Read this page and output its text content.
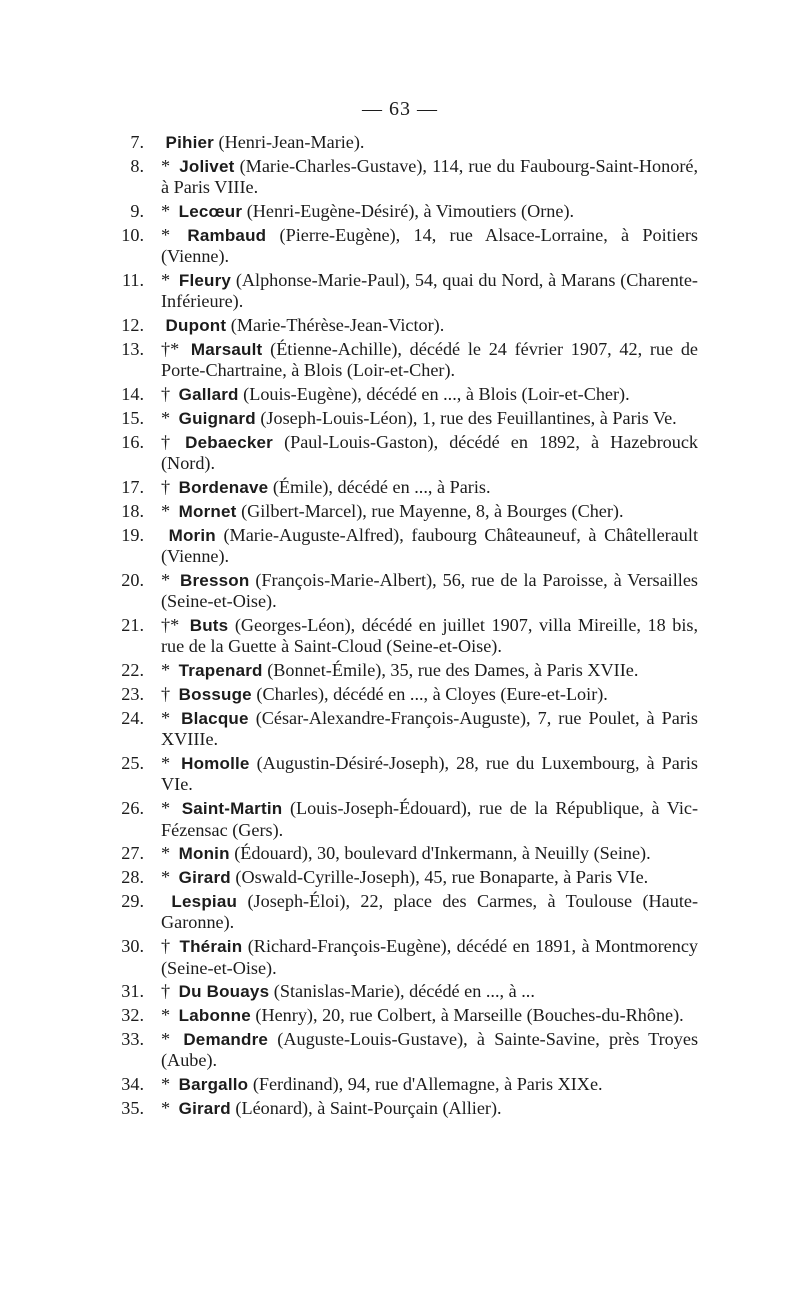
— 63 —
7. Pihier (Henri-Jean-Marie).
8. * Jolivet (Marie-Charles-Gustave), 114, rue du Faubourg-Saint-Honoré, à Paris VIIIe.
9. * Lecœur (Henri-Eugène-Désiré), à Vimoutiers (Orne).
10. * Rambaud (Pierre-Eugène), 14, rue Alsace-Lorraine, à Poitiers (Vienne).
11. * Fleury (Alphonse-Marie-Paul), 54, quai du Nord, à Marans (Charente-Inférieure).
12. Dupont (Marie-Thérèse-Jean-Victor).
13. †* Marsault (Étienne-Achille), décédé le 24 février 1907, 42, rue de Porte-Chartraine, à Blois (Loir-et-Cher).
14. † Gallard (Louis-Eugène), décédé en ..., à Blois (Loir-et-Cher).
15. * Guignard (Joseph-Louis-Léon), 1, rue des Feuillantines, à Paris Ve.
16. † Debaecker (Paul-Louis-Gaston), décédé en 1892, à Hazebrouck (Nord).
17. † Bordenave (Émile), décédé en ..., à Paris.
18. * Mornet (Gilbert-Marcel), rue Mayenne, 8, à Bourges (Cher).
19. Morin (Marie-Auguste-Alfred), faubourg Châteauneuf, à Châtellerault (Vienne).
20. * Bresson (François-Marie-Albert), 56, rue de la Paroisse, à Versailles (Seine-et-Oise).
21. †* Buts (Georges-Léon), décédé en juillet 1907, villa Mireille, 18 bis, rue de la Guette à Saint-Cloud (Seine-et-Oise).
22. * Trapenard (Bonnet-Émile), 35, rue des Dames, à Paris XVIIe.
23. † Bossuge (Charles), décédé en ..., à Cloyes (Eure-et-Loir).
24. * Blacque (César-Alexandre-François-Auguste), 7, rue Poulet, à Paris XVIIIe.
25. * Homolle (Augustin-Désiré-Joseph), 28, rue du Luxembourg, à Paris VIe.
26. * Saint-Martin (Louis-Joseph-Édouard), rue de la République, à Vic-Fézensac (Gers).
27. * Monin (Édouard), 30, boulevard d'Inkermann, à Neuilly (Seine).
28. * Girard (Oswald-Cyrille-Joseph), 45, rue Bonaparte, à Paris VIe.
29. Lespiau (Joseph-Éloi), 22, place des Carmes, à Toulouse (Haute-Garonne).
30. † Thérain (Richard-François-Eugène), décédé en 1891, à Montmorency (Seine-et-Oise).
31. † Du Bouays (Stanislas-Marie), décédé en ..., à ...
32. * Labonne (Henry), 20, rue Colbert, à Marseille (Bouches-du-Rhône).
33. * Demandre (Auguste-Louis-Gustave), à Sainte-Savine, près Troyes (Aube).
34. * Bargallo (Ferdinand), 94, rue d'Allemagne, à Paris XIXe.
35. * Girard (Léonard), à Saint-Pourçain (Allier).
